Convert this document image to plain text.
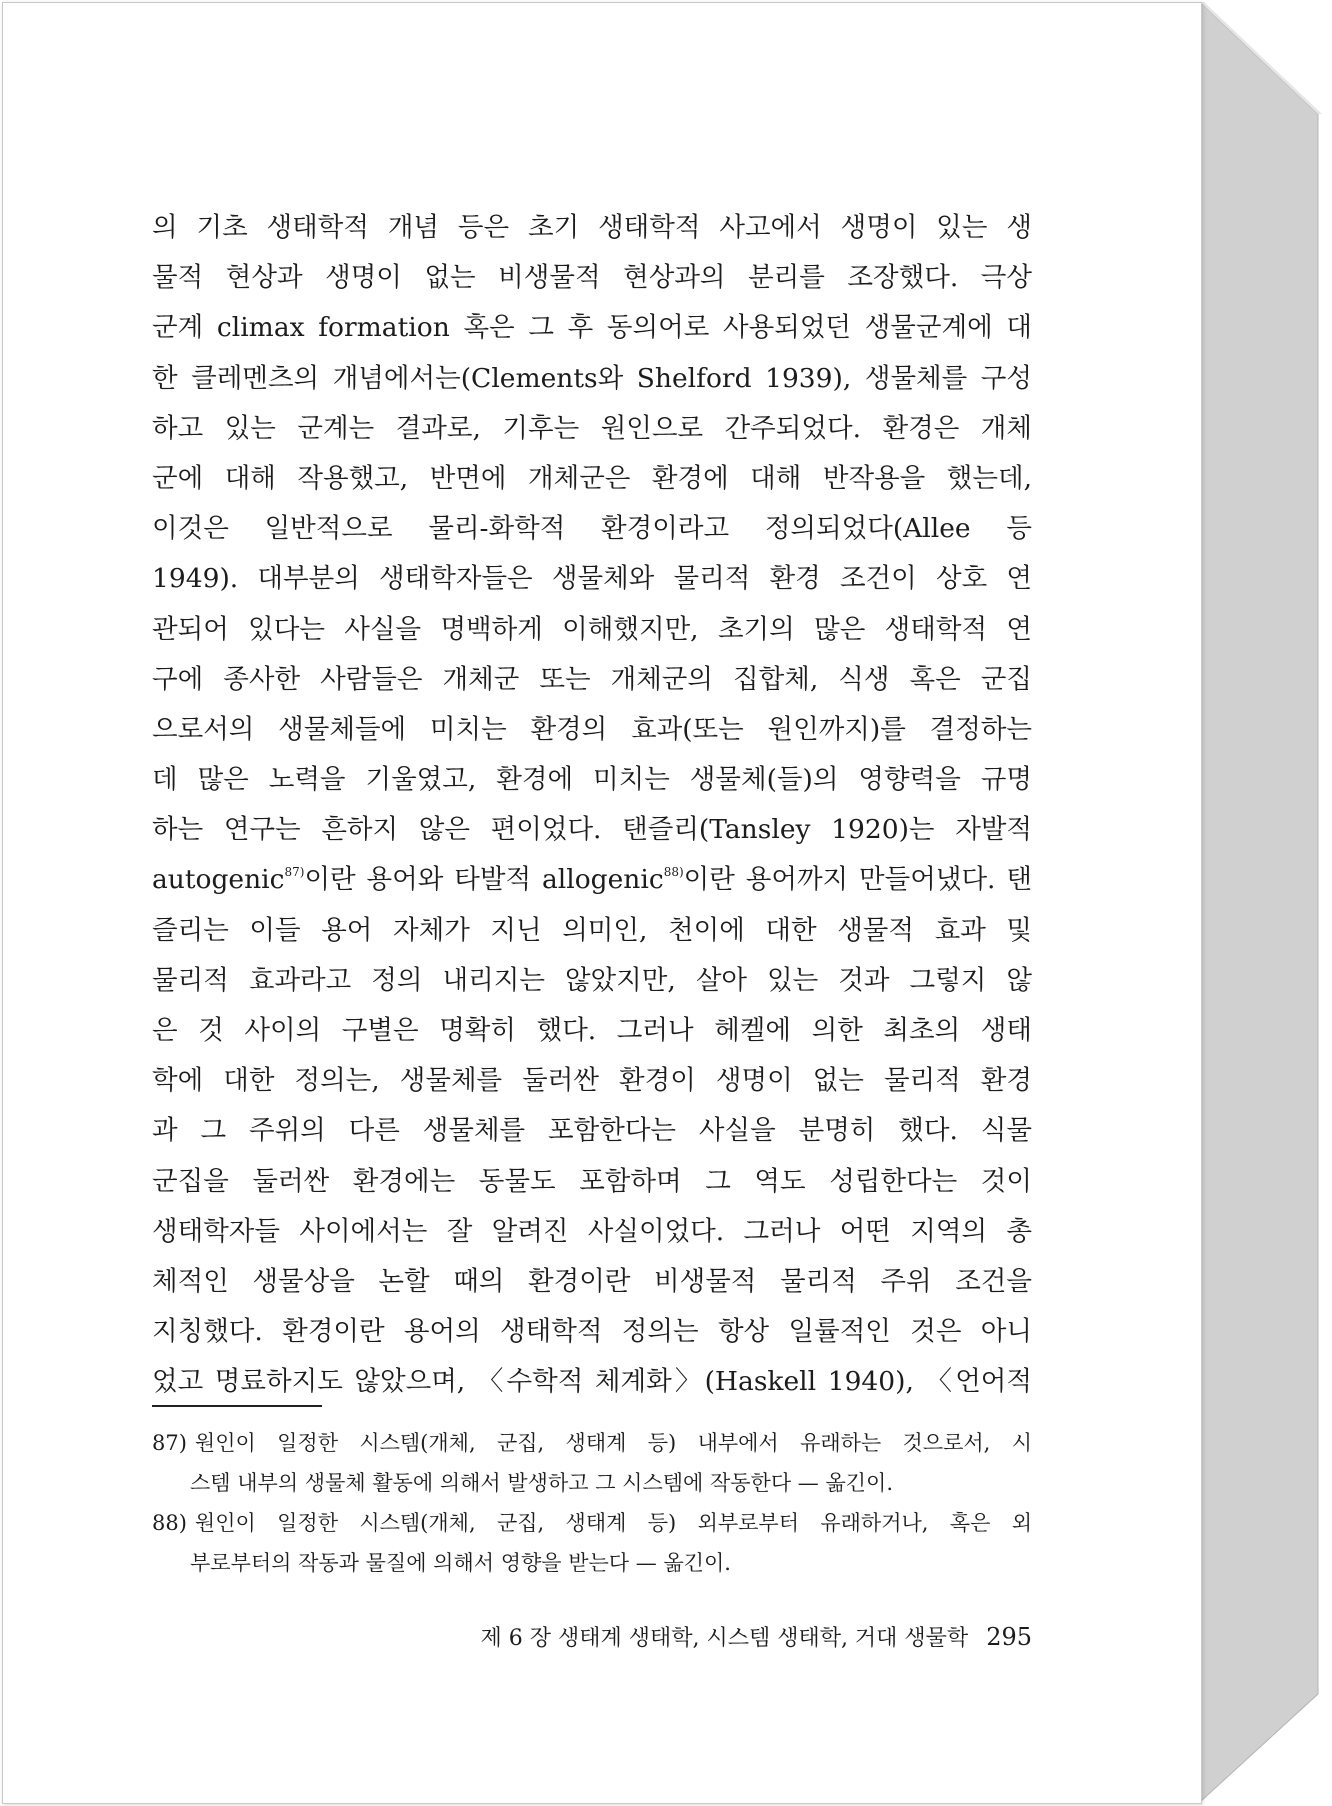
의 기초 생태학적 개념 등은 초기 생태학적 사고에서 생명이 있는 생
물적 현상과 생명이 없는 비생물적 현상과의 분리를 조장했다. 극상
군계 climax formation 혹은 그 후 동의어로 사용되었던 생물군계에 대
한 클레멘츠의 개념에서는(Clements와 Shelford 1939), 생물체를 구성
하고 있는 군계는 결과로, 기후는 원인으로 간주되었다. 환경은 개체
군에 대해 작용했고, 반면에 개체군은 환경에 대해 반작용을 했는데,
이것은 일반적으로 물리-화학적 환경이라고 정의되었다(Allee 등
1949). 대부분의 생태학자들은 생물체와 물리적 환경 조건이 상호 연
관되어 있다는 사실을 명백하게 이해했지만, 초기의 많은 생태학적 연
구에 종사한 사람들은 개체군 또는 개체군의 집합체, 식생 혹은 군집
으로서의 생물체들에 미치는 환경의 효과(또는 원인까지)를 결정하는
데 많은 노력을 기울였고, 환경에 미치는 생물체(들)의 영향력을 규명
하는 연구는 흔하지 않은 편이었다. 탠즐리(Tansley 1920)는 자발적
autogenic$^{87)}$이란 용어와 타발적 allogenic$^{88)}$이란 용어까지 만들어냈다. 탠
즐리는 이들 용어 자체가 지닌 의미인, 천이에 대한 생물적 효과 및
물리적 효과라고 정의 내리지는 않았지만, 살아 있는 것과 그렇지 않
은 것 사이의 구별은 명확히 했다. 그러나 헤켈에 의한 최초의 생태
학에 대한 정의는, 생물체를 둘러싼 환경이 생명이 없는 물리적 환경
과 그 주위의 다른 생물체를 포함한다는 사실을 분명히 했다. 식물
군집을 둘러싼 환경에는 동물도 포함하며 그 역도 성립한다는 것이
생태학자들 사이에서는 잘 알려진 사실이었다. 그러나 어떤 지역의 총
체적인 생물상을 논할 때의 환경이란 비생물적 물리적 주위 조건을
지칭했다. 환경이란 용어의 생태학적 정의는 항상 일률적인 것은 아니
었고 명료하지도 않았으며, 〈수학적 체계화〉(Haskell 1940), 〈언어적
87) 원인이 일정한 시스템(개체, 군집, 생태계 등) 내부에서 유래하는 것으로서, 시
스템 내부의 생물체 활동에 의해서 발생하고 그 시스템에 작동한다 — 옮긴이.
88) 원인이 일정한 시스템(개체, 군집, 생태계 등) 외부로부터 유래하거나, 혹은 외
부로부터의 작동과 물질에 의해서 영향을 받는다 — 옮긴이.
제 6 장 생태계 생태학, 시스템 생태학, 거대 생물학 295
